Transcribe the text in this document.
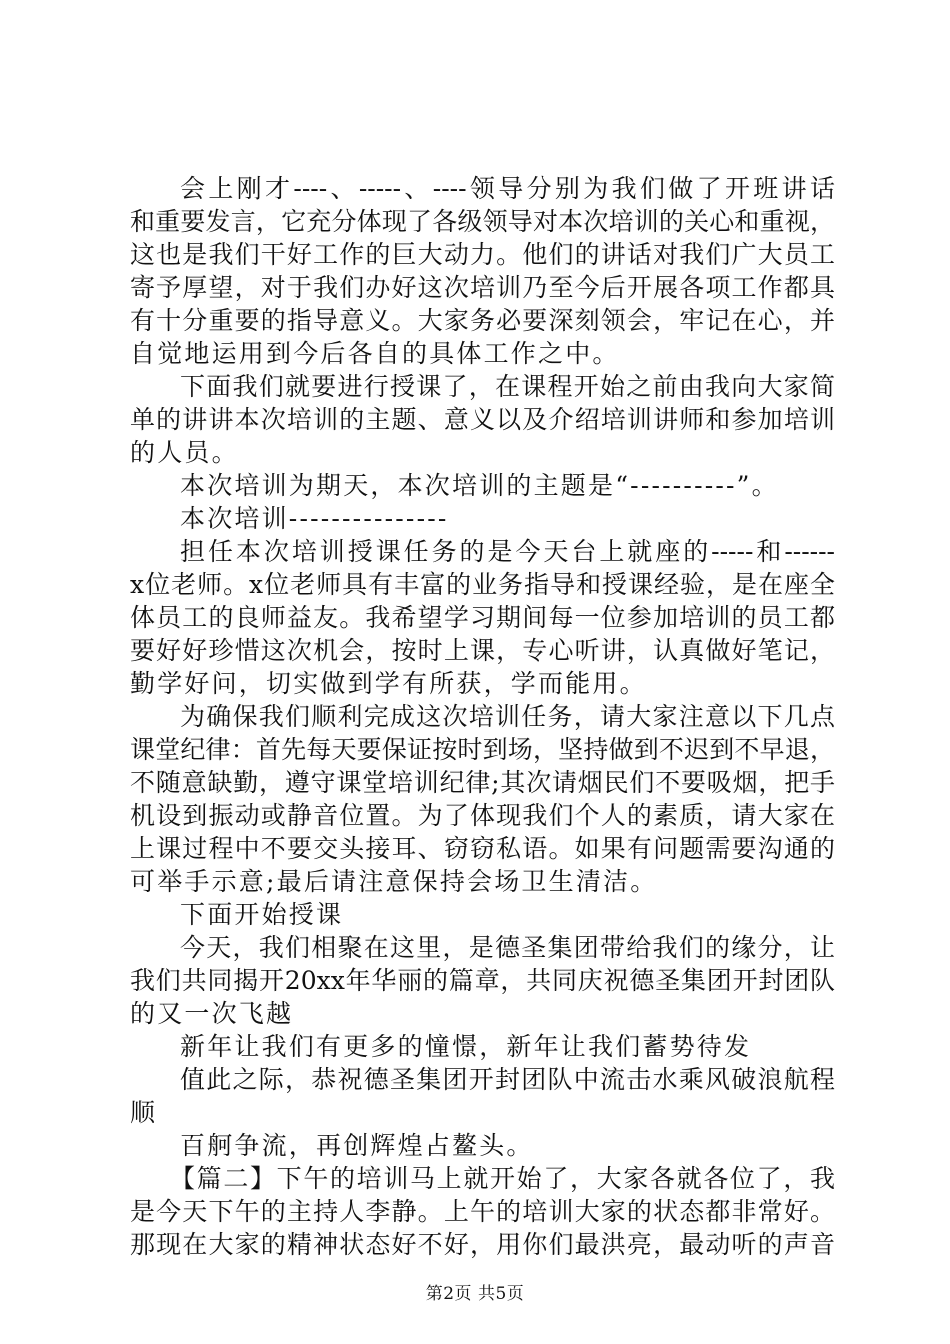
会上刚才----、-----、----领导分别为我们做了开班讲话
和重要发言，它充分体现了各级领导对本次培训的关心和重视，
这也是我们干好工作的巨大动力。他们的讲话对我们广大员工
寄予厚望，对于我们办好这次培训乃至今后开展各项工作都具
有十分重要的指导意义。大家务必要深刻领会，牢记在心，并
自觉地运用到今后各自的具体工作之中。
下面我们就要进行授课了，在课程开始之前由我向大家简
单的讲讲本次培训的主题、意义以及介绍培训讲师和参加培训
的人员。
本次培训为期天，本次培训的主题是“----------”。
本次培训---------------
担任本次培训授课任务的是今天台上就座的-----和------
x位老师。x位老师具有丰富的业务指导和授课经验，是在座全
体员工的良师益友。我希望学习期间每一位参加培训的员工都
要好好珍惜这次机会，按时上课，专心听讲，认真做好笔记，
勤学好问，切实做到学有所获，学而能用。
为确保我们顺利完成这次培训任务，请大家注意以下几点
课堂纪律：首先每天要保证按时到场，坚持做到不迟到不早退，
不随意缺勤，遵守课堂培训纪律;其次请烟民们不要吸烟，把手
机设到振动或静音位置。为了体现我们个人的素质，请大家在
上课过程中不要交头接耳、窃窃私语。如果有问题需要沟通的
可举手示意;最后请注意保持会场卫生清洁。
下面开始授课
今天，我们相聚在这里，是德圣集团带给我们的缘分，让
我们共同揭开20xx年华丽的篇章，共同庆祝德圣集团开封团队
的又一次飞越
新年让我们有更多的憧憬，新年让我们蓄势待发
值此之际，恭祝德圣集团开封团队中流击水乘风破浪航程
顺
百舸争流，再创辉煌占鳌头。
【篇二】下午的培训马上就开始了，大家各就各位了，我
是今天下午的主持人李静。上午的培训大家的状态都非常好。
那现在大家的精神状态好不好，用你们最洪亮，最动听的声音
第2页 共5页
